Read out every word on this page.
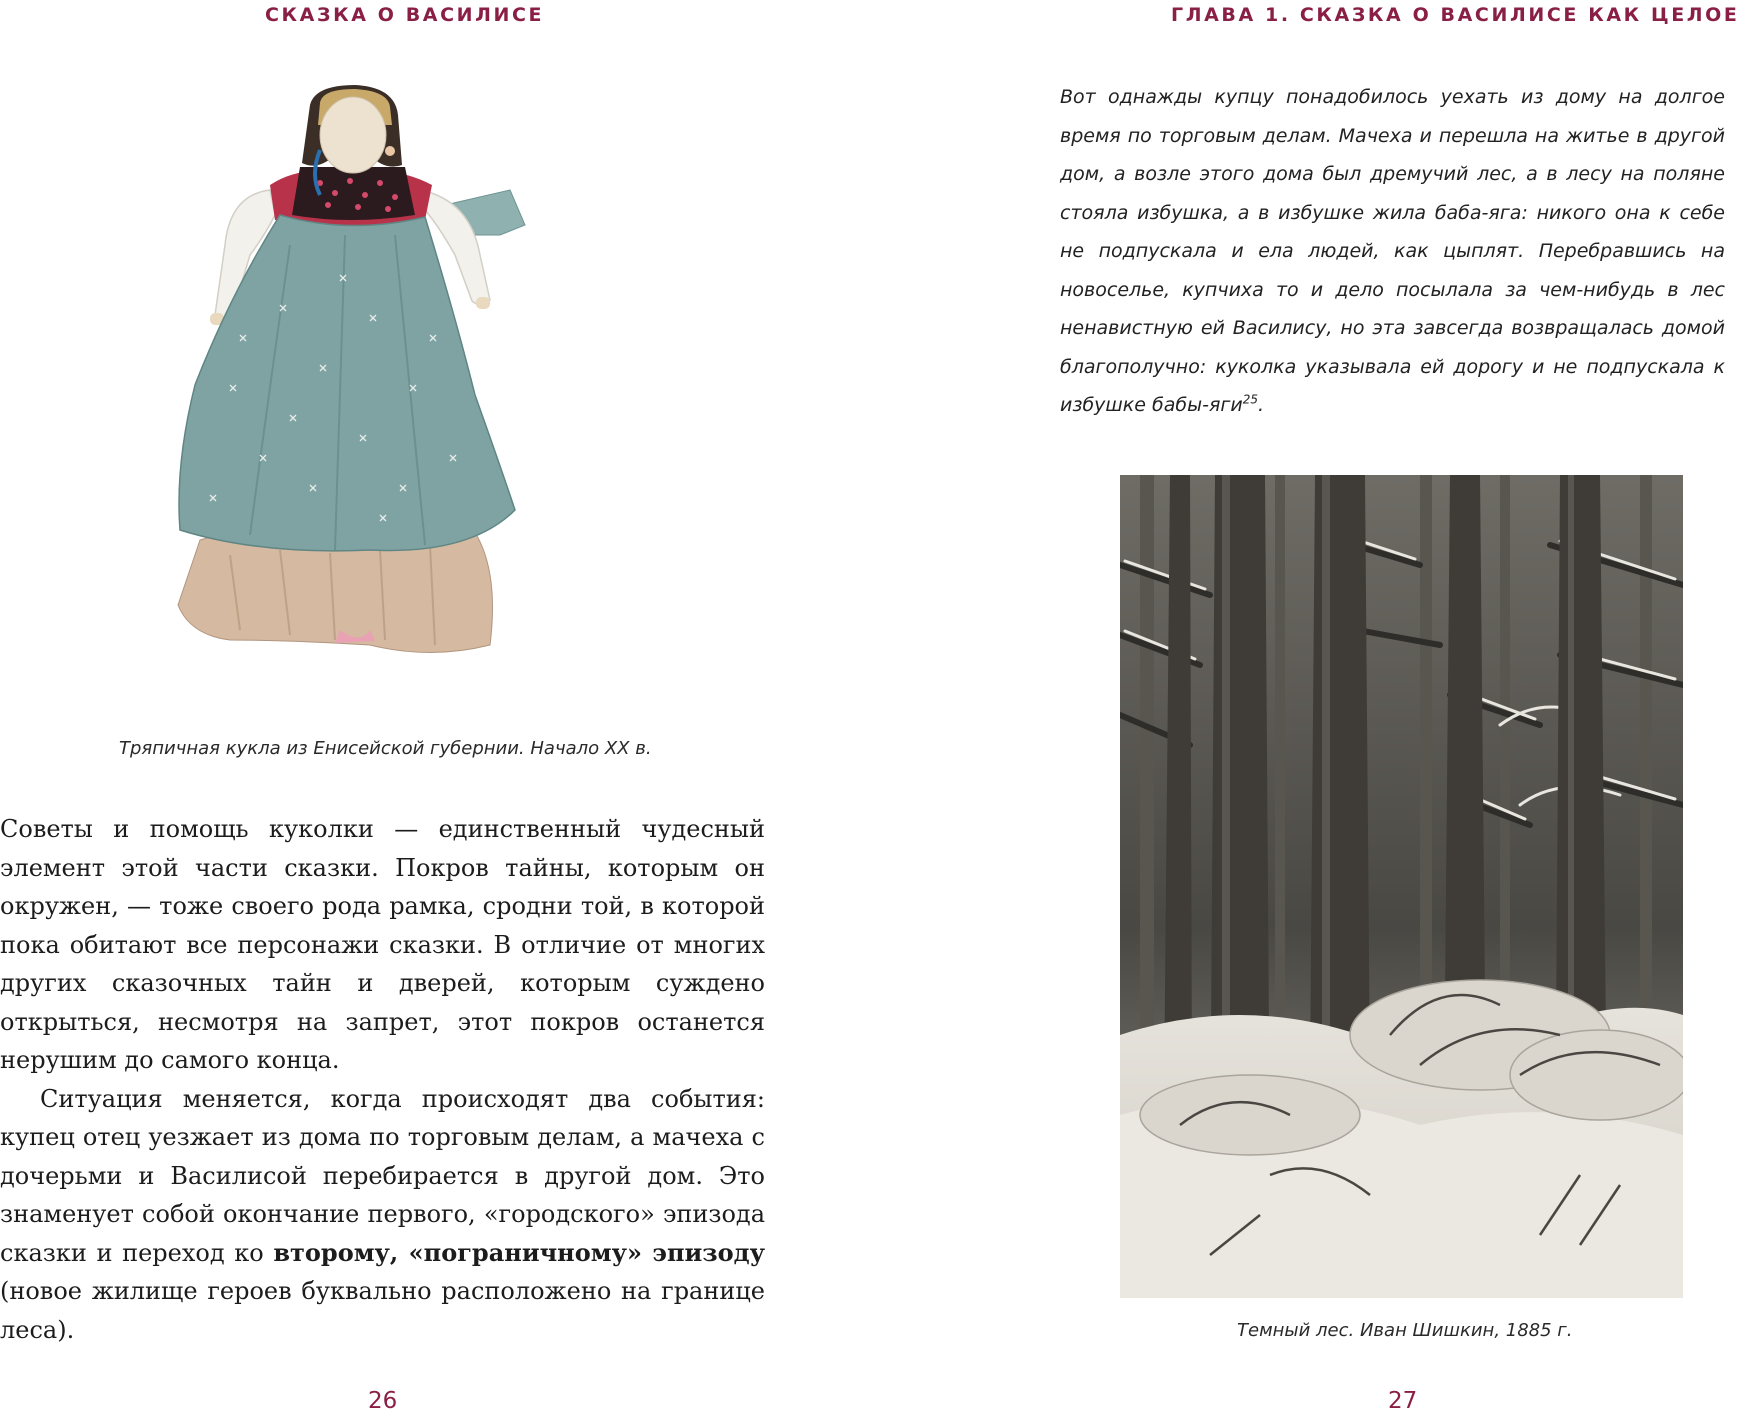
СКАЗКА О ВАСИЛИСЕ

Тряпичная кукла из Енисейской губернии. Начало XX в.

Советы и помощь куколки — единственный чудесный элемент этой части сказки. Покров тайны, которым он окружен, — тоже своего рода рамка, сродни той, в которой пока обитают все персонажи сказки. В отличие от многих других сказочных тайн и дверей, которым суждено открыться, несмотря на запрет, этот покров останется нерушим до самого конца.

Ситуация меняется, когда происходят два события: купец отец уезжает из дома по торговым делам, а мачеха с дочерьми и Василисой перебирается в другой дом. Это знаменует собой окончание первого, «городского» эпизода сказки и переход ко второму, «пограничному» эпизоду (новое жилище героев буквально расположено на границе леса).

26

ГЛАВА 1. СКАЗКА О ВАСИЛИСЕ КАК ЦЕЛОЕ

Вот однажды купцу понадобилось уехать из дому на долгое время по торговым делам. Мачеха и перешла на житье в другой дом, а возле этого дома был дремучий лес, а в лесу на поляне стояла избушка, а в избушке жила баба-яга: никого она к себе не подпускала и ела людей, как цыплят. Перебравшись на новоселье, купчиха то и дело посылала за чем-нибудь в лес ненавистную ей Василису, но эта завсегда возвращалась домой благополучно: куколка указывала ей дорогу и не подпускала к избушке бабы-яги$^{25}$.

Темный лес. Иван Шишкин, 1885 г.

27
